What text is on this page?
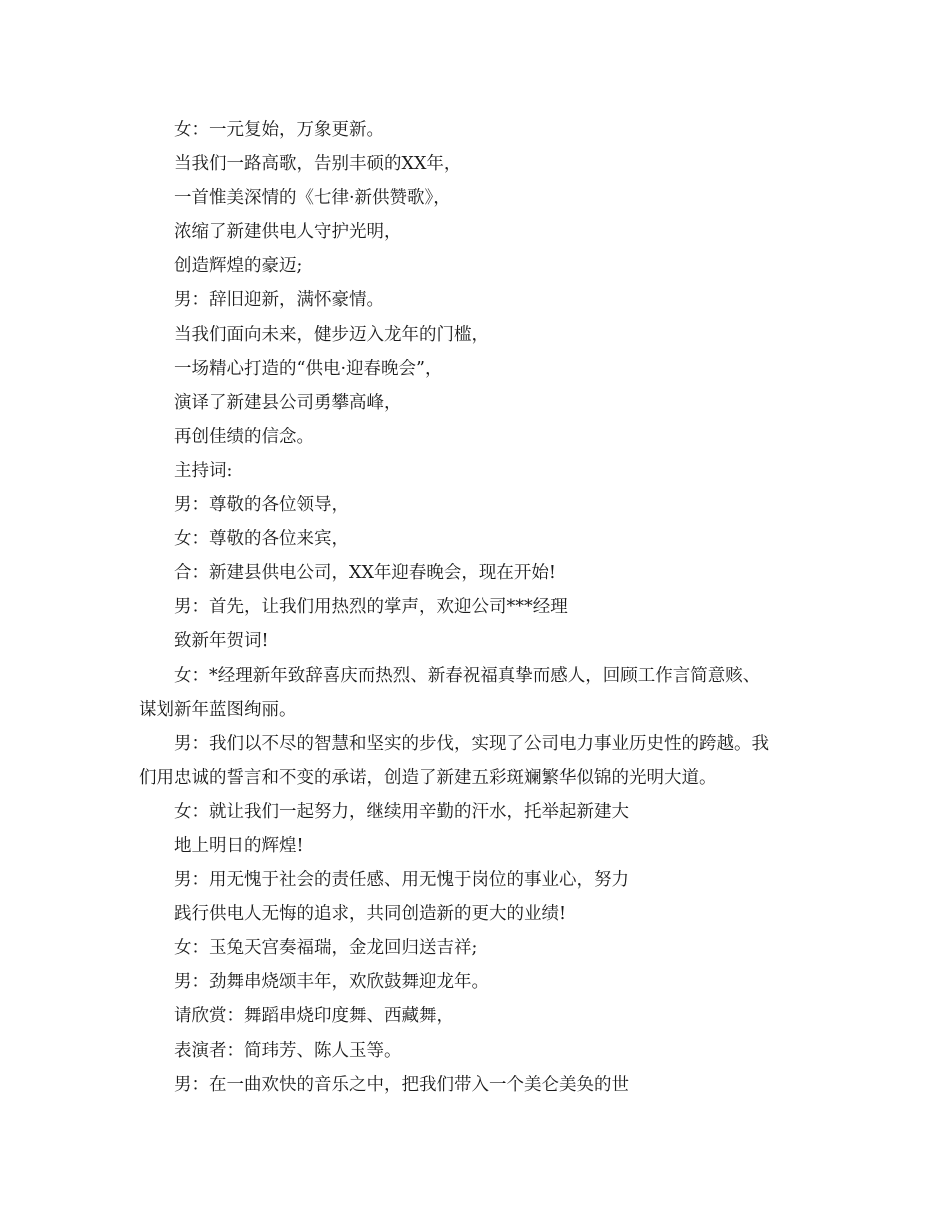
女：一元复始，万象更新。
当我们一路高歌，告别丰硕的XX年，
一首惟美深情的《七律·新供赞歌》，
浓缩了新建供电人守护光明，
创造辉煌的豪迈;
男：辞旧迎新，满怀豪情。
当我们面向未来，健步迈入龙年的门槛，
一场精心打造的“供电·迎春晚会”，
演译了新建县公司勇攀高峰，
再创佳绩的信念。
主持词:
男：尊敬的各位领导，
女：尊敬的各位来宾，
合：新建县供电公司，XX年迎春晚会，现在开始!
男：首先，让我们用热烈的掌声，欢迎公司***经理
致新年贺词!
女：*经理新年致辞喜庆而热烈、新春祝福真挚而感人，回顾工作言简意赅、
谋划新年蓝图绚丽。
男：我们以不尽的智慧和坚实的步伐，实现了公司电力事业历史性的跨越。我
们用忠诚的誓言和不变的承诺，创造了新建五彩斑斓繁华似锦的光明大道。
女：就让我们一起努力，继续用辛勤的汗水，托举起新建大
地上明日的辉煌!
男：用无愧于社会的责任感、用无愧于岗位的事业心，努力
践行供电人无悔的追求，共同创造新的更大的业绩!
女：玉兔天宫奏福瑞，金龙回归送吉祥;
男：劲舞串烧颂丰年，欢欣鼓舞迎龙年。
请欣赏：舞蹈串烧印度舞、西藏舞，
表演者：简玮芳、陈人玉等。
男：在一曲欢快的音乐之中，把我们带入一个美仑美奂的世
